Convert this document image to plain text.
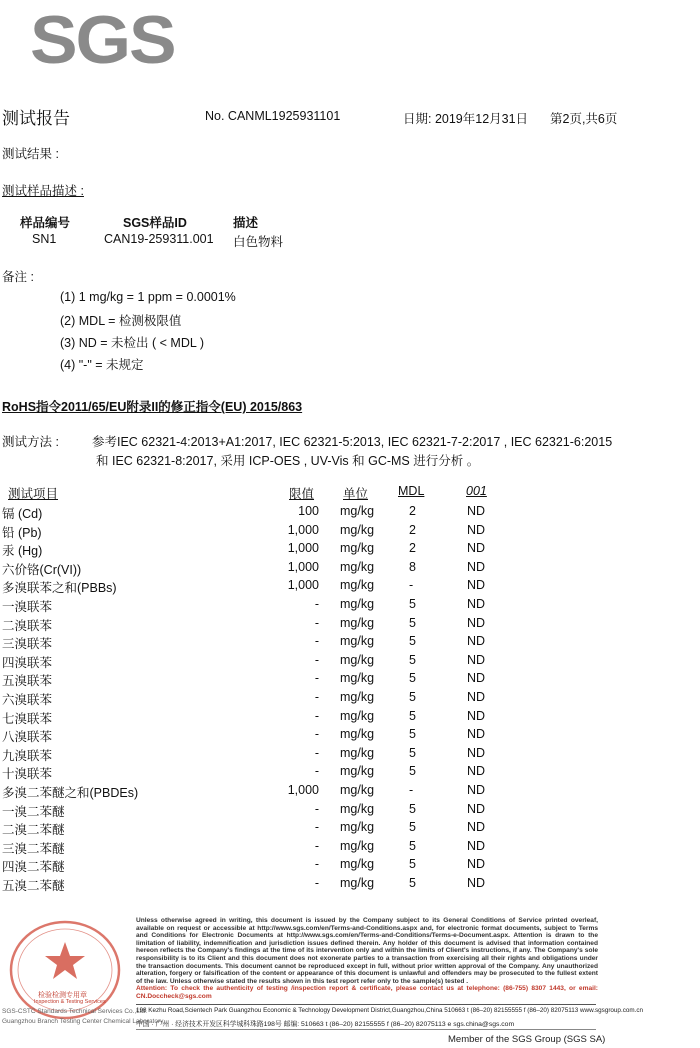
SGS
测试报告	No. CANML1925931101	日期: 2019年12月31日 第2页,共6页
测试结果 :
测试样品描述 :
样品编号	SGS样品ID	描述
SN1	CAN19-259311.001 白色物料
备注 :
(1) 1 mg/kg = 1 ppm = 0.0001%
(2) MDL = 检测极限值
(3) ND = 未检出 ( < MDL )
(4) "-" = 未规定
RoHS指令2011/65/EU附录II的修正指令(EU) 2015/863
测试方法 :	参考IEC 62321-4:2013+A1:2017, IEC 62321-5:2013, IEC 62321-7-2:2017 , IEC 62321-6:2015
和 IEC 62321-8:2017, 采用 ICP-OES , UV-Vis 和 GC-MS 进行分析 。
测试项目	限值 单位 MDL	001
镉 (Cd)	100 mg/kg	2	ND
铅 (Pb)	1,000 mg/kg	2	ND
汞 (Hg)	1,000 mg/kg	2	ND
六价铬(Cr(VI))	1,000 mg/kg	8	ND
多溴联苯之和(PBBs)	1,000 mg/kg	-	ND
一溴联苯	- mg/kg	5	ND
二溴联苯	- mg/kg	5	ND
三溴联苯	- mg/kg	5	ND
四溴联苯	- mg/kg	5	ND
五溴联苯	- mg/kg	5	ND
六溴联苯	- mg/kg	5	ND
七溴联苯	- mg/kg	5	ND
八溴联苯	- mg/kg	5	ND
九溴联苯	- mg/kg	5	ND
十溴联苯	- mg/kg	5	ND
多溴二苯醚之和(PBDEs)	1,000 mg/kg	-	ND
一溴二苯醚	- mg/kg	5	ND
二溴二苯醚	- mg/kg	5	ND
三溴二苯醚	- mg/kg	5	ND
四溴二苯醚	- mg/kg	5	ND
五溴二苯醚	- mg/kg	5	ND
检验检测专用章
Inspection & Testing Services
SGS-CSTC Standards Technical Services Co.,Ltd.
Guangzhou Branch Testing Center Chemical Laboratory
Unless otherwise agreed in writing, this document is issued by the Company subject to its General Conditions of Service printed overleaf, available on request or accessible at http://www.sgs.com/en/Terms-and-Conditions.aspx and, for electronic format documents, subject to Terms and Conditions for Electronic Documents at http://www.sgs.com/en/Terms-and-Conditions/Terms-e-Document.aspx. Attention is drawn to the limitation of liability, indemnification and jurisdiction issues defined therein. Any holder of this document is advised that information contained hereon reflects the Company's findings at the time of its intervention only and within the limits of Client's instructions, if any. The Company's sole responsibility is to its Client and this document does not exonerate parties to a transaction from exercising all their rights and obligations under the transaction documents. This document cannot be reproduced except in full, without prior written approval of the Company. Any unauthorized alteration, forgery or falsification of the content or appearance of this document is unlawful and offenders may be prosecuted to the fullest extent of the law. Unless otherwise stated the results shown in this test report refer only to the sample(s) tested .
Attention: To check the authenticity of testing /inspection report & certificate, please contact us at telephone: (86-755) 8307 1443, or email: CN.Doccheck@sgs.com
198 Kezhu Road,Scientech Park Guangzhou Economic & Technology Development District,Guangzhou,China 510663 t (86–20) 82155555 f (86–20) 82075113 www.sgsgroup.com.cn
中国 · 广州 · 经济技术开发区科学城科珠路198号 邮编: 510663 t (86–20) 82155555 f (86–20) 82075113 e sgs.china@sgs.com
Member of the SGS Group (SGS SA)
